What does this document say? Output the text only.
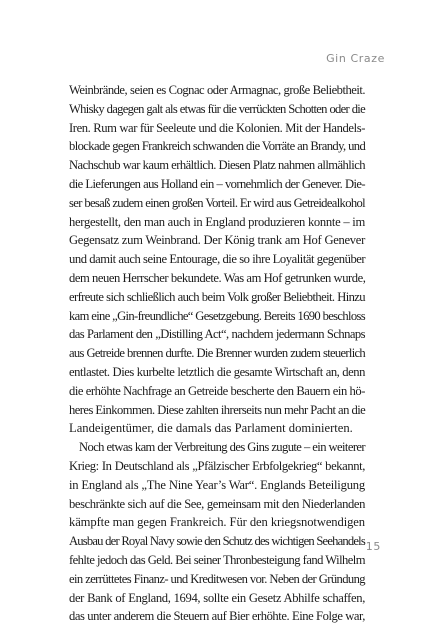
Gin Craze
Weinbrände, seien es Cognac oder Armagnac, große Beliebtheit.
Whisky dagegen galt als etwas für die verrückten Schotten oder die
Iren. Rum war für Seeleute und die Kolonien. Mit der Handels-
blockade gegen Frankreich schwanden die Vorräte an Brandy, und
Nachschub war kaum erhältlich. Diesen Platz nahmen allmählich
die Lieferungen aus Holland ein – vornehmlich der Genever. Die-
ser besaß zudem einen großen Vorteil. Er wird aus Getreidealkohol
hergestellt, den man auch in England produzieren konnte – im
Gegensatz zum Weinbrand. Der König trank am Hof Genever
und damit auch seine Entourage, die so ihre Loyalität gegenüber
dem neuen Herrscher bekundete. Was am Hof getrunken wurde,
erfreute sich schließlich auch beim Volk großer Beliebtheit. Hinzu
kam eine „Gin-freundliche“ Gesetzgebung. Bereits 1690 beschloss
das Parlament den „Distilling Act“, nachdem jedermann Schnaps
aus Getreide brennen durfte. Die Brenner wurden zudem steuerlich
entlastet. Dies kurbelte letztlich die gesamte Wirtschaft an, denn
die erhöhte Nachfrage an Getreide bescherte den Bauern ein hö-
heres Einkommen. Diese zahlten ihrerseits nun mehr Pacht an die
Landeigentümer, die damals das Parlament dominierten.
Noch etwas kam der Verbreitung des Gins zugute – ein weiterer
Krieg: In Deutschland als „Pfälzischer Erbfolgekrieg“ bekannt,
in England als „The Nine Year’s War“. Englands Beteiligung
beschränkte sich auf die See, gemeinsam mit den Niederlanden
kämpfte man gegen Frankreich. Für den kriegsnotwendigen
Ausbau der Royal Navy sowie den Schutz des wichtigen Seehandels
fehlte jedoch das Geld. Bei seiner Thronbesteigung fand Wilhelm
ein zerrüttetes Finanz- und Kreditwesen vor. Neben der Gründung
der Bank of England, 1694, sollte ein Gesetz Abhilfe schaffen,
das unter anderem die Steuern auf Bier erhöhte. Eine Folge war,
15
